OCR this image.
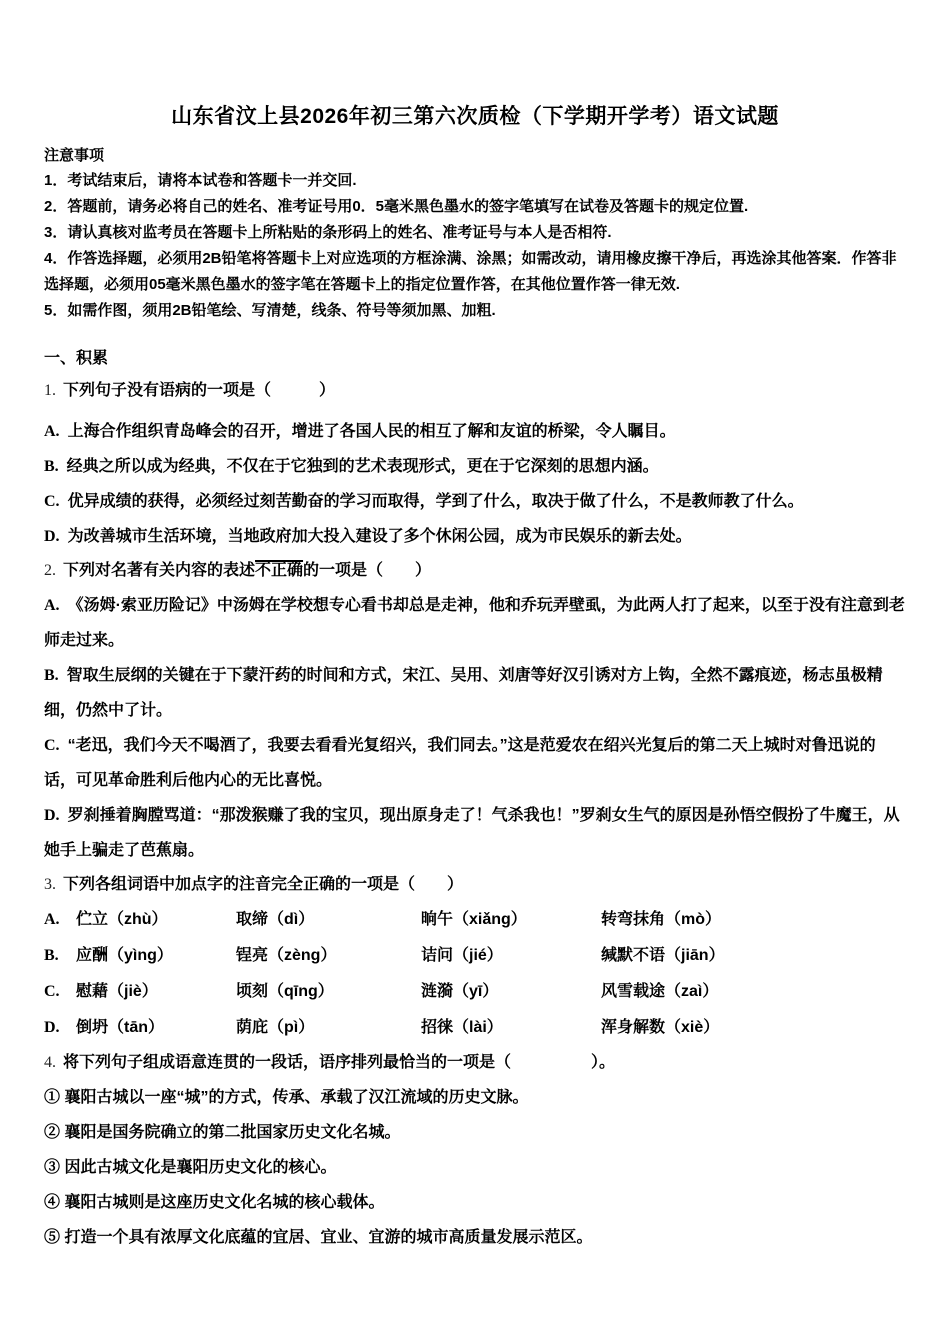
山东省汶上县2026年初三第六次质检（下学期开学考）语文试题
注意事项

1．考试结束后，请将本试卷和答题卡一并交回.

2．答题前，请务必将自己的姓名、准考证号用0．5毫米黑色墨水的签字笔填写在试卷及答题卡的规定位置.

3．请认真核对监考员在答题卡上所粘贴的条形码上的姓名、准考证号与本人是否相符.

4．作答选择题，必须用2B铅笔将答题卡上对应选项的方框涂满、涂黑；如需改动，请用橡皮擦干净后，再选涂其他答案．作答非选择题，必须用05毫米黑色墨水的签字笔在答题卡上的指定位置作答，在其他位置作答一律无效.

5．如需作图，须用2B铅笔绘、写清楚，线条、符号等须加黑、加粗.

一、积累

1. 下列句子没有语病的一项是（　　　）

A. 上海合作组织青岛峰会的召开，增进了各国人民的相互了解和友谊的桥梁，令人瞩目。

B. 经典之所以成为经典，不仅在于它独到的艺术表现形式，更在于它深刻的思想内涵。

C. 优异成绩的获得，必须经过刻苦勤奋的学习而取得，学到了什么，取决于做了什么，不是教师教了什么。

D. 为改善城市生活环境，当地政府加大投入建设了多个休闲公园，成为市民娱乐的新去处。

2. 下列对名著有关内容的表述不正确的一项是（　　）

A. 《汤姆·索亚历险记》中汤姆在学校想专心看书却总是走神，他和乔玩弄壁虱，为此两人打了起来，以至于没有注意到老师走过来。

B. 智取生辰纲的关键在于下蒙汗药的时间和方式，宋江、吴用、刘唐等好汉引诱对方上钩，全然不露痕迹，杨志虽极精细，仍然中了计。

C. “老迅，我们今天不喝酒了，我要去看看光复绍兴，我们同去。”这是范爱农在绍兴光复后的第二天上城时对鲁迅说的话，可见革命胜利后他内心的无比喜悦。

D. 罗刹捶着胸膛骂道：“那泼猴赚了我的宝贝，现出原身走了！气杀我也！”罗刹女生气的原因是孙悟空假扮了牛魔王，从她手上骗走了芭蕉扇。

3. 下列各组词语中加点字的注音完全正确的一项是（　　）

A.	伫立（zhù）	取缔（dì）	晌午（xiǎng）	转弯抹角（mò）
B.	应酬（yìng）	锃亮（zèng）	诘问（jié）	缄默不语（jiān）
C.	慰藉（jiè）	顷刻（qīng）	涟漪（yī）	风雪载途（zaì）
D.	倒坍（tān）	荫庇（pì）	招徕（lài）	浑身解数（xiè）

4. 将下列句子组成语意连贯的一段话，语序排列最恰当的一项是（　　　　　）。

① 襄阳古城以一座“城”的方式，传承、承载了汉江流域的历史文脉。

② 襄阳是国务院确立的第二批国家历史文化名城。

③ 因此古城文化是襄阳历史文化的核心。

④ 襄阳古城则是这座历史文化名城的核心载体。

⑤ 打造一个具有浓厚文化底蕴的宜居、宜业、宜游的城市高质量发展示范区。
